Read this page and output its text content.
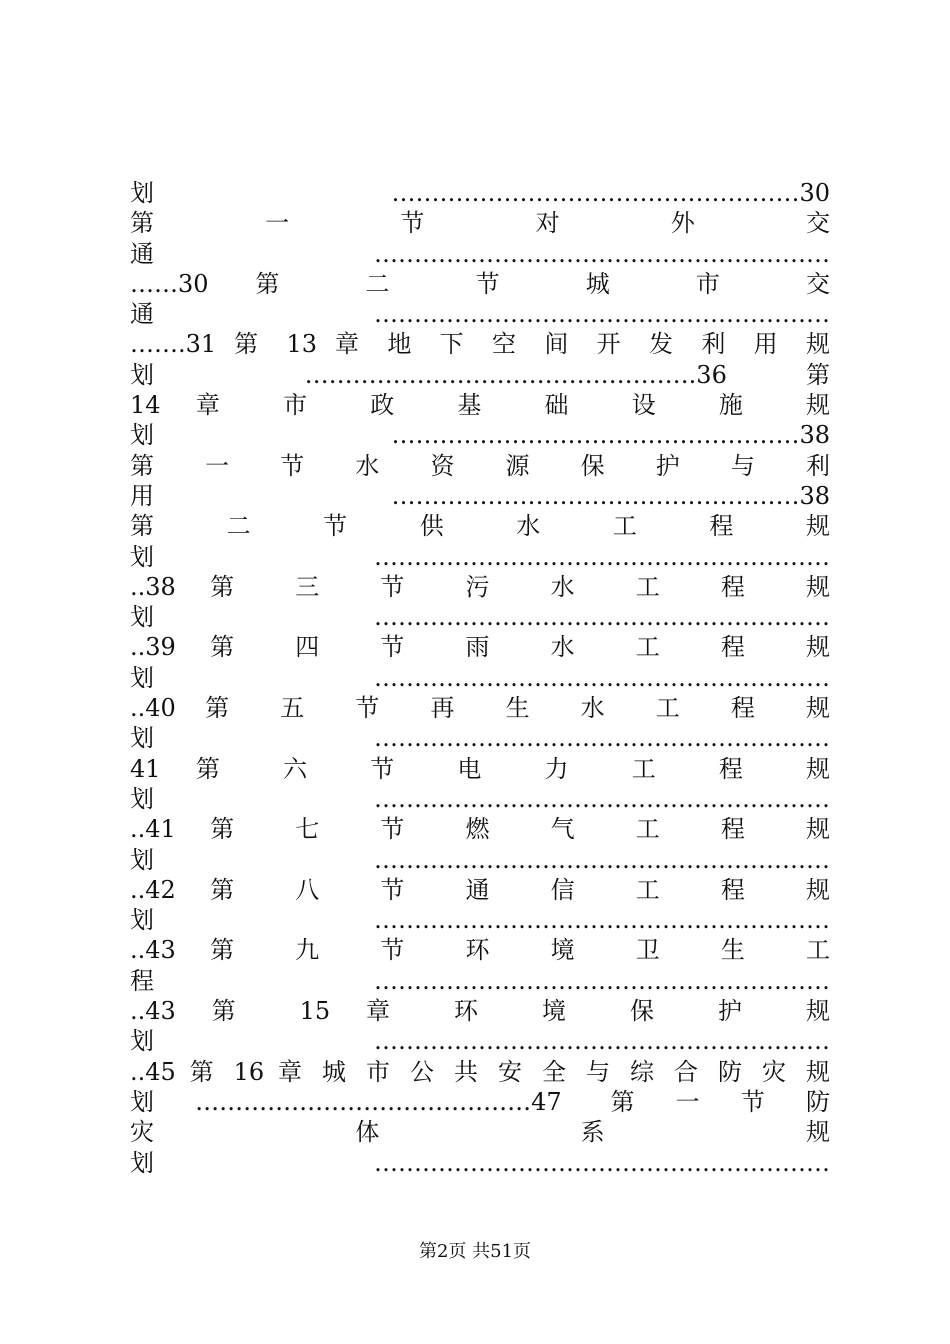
划……………………………………………30
第 一 节 对 外 交
通…………………………………………………
……30 第 二 节 城 市 交
通…………………………………………………
…….31 第 13 章 地 下 空 间 开 发 利 用 规
划 ………………………………………….36 第
14 章 市 政 基 础 设 施 规
划……………………………………………38
第 一 节 水 资 源 保 护 与 利
用……………………………………………38
第 二 节 供 水 工 程 规
划…………………………………………………
..38 第 三 节 污 水 工 程 规
划…………………………………………………
..39 第 四 节 雨 水 工 程 规
划…………………………………………………
..40 第 五 节 再 生 水 工 程 规
划…………………………………………………
41 第 六 节 电 力 工 程 规
划…………………………………………………
..41 第 七 节 燃 气 工 程 规
划…………………………………………………
..42 第 八 节 通 信 工 程 规
划…………………………………………………
..43 第 九 节 环 境 卫 生 工
程…………………………………………………
..43 第 15 章 环 境 保 护 规
划…………………………………………………
..45 第 16 章 城 市 公 共 安 全 与 综 合 防 灾 规
划……………………………………47 第一节防
灾 体 系 规
划…………………………………………………
第2页 共51页
